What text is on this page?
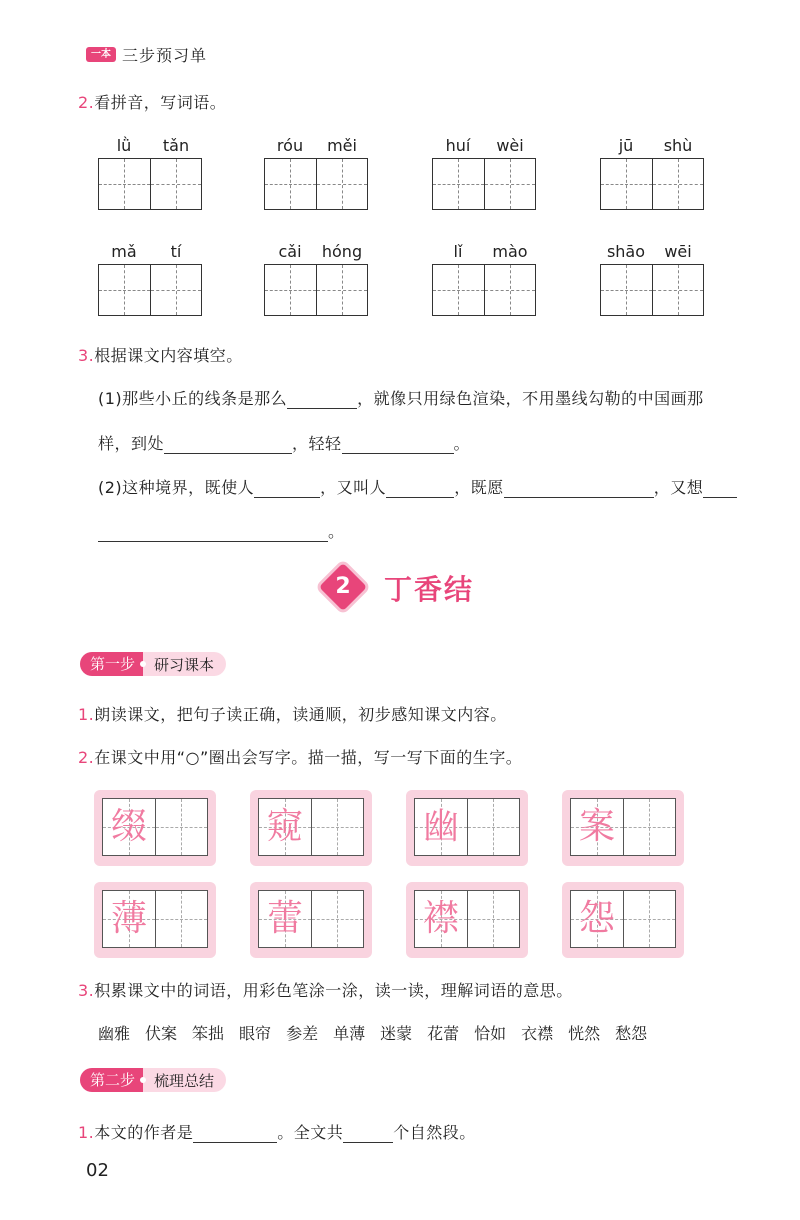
一本 三步预习单
2.看拼音，写词语。
lǜ	tǎn	róu	měi	huí	wèi	jū	shù
mǎ	tí	cǎi	hóng	lǐ	mào	shāo	wēi
3.根据课文内容填空。
(1)那些小丘的线条是那么	，就像只用绿色渲染，不用墨线勾勒的中国画那
样，到处	，轻轻	。
(2)这种境界，既使人	，又叫人	，既愿	，又想
。
2	丁香结
第一步	研习课本
1.朗读课文，把句子读正确，读通顺，初步感知课文内容。
2.在课文中用“○”圈出会写字。描一描，写一写下面的生字。
缀	窥	幽	案
薄	蕾	襟	怨
3.积累课文中的词语，用彩色笔涂一涂，读一读，理解词语的意思。
幽雅 伏案 笨拙 眼帘 参差 单薄 迷蒙 花蕾 恰如 衣襟 恍然 愁怨
第二步	梳理总结
1.本文的作者是	。全文共	个自然段。
02
